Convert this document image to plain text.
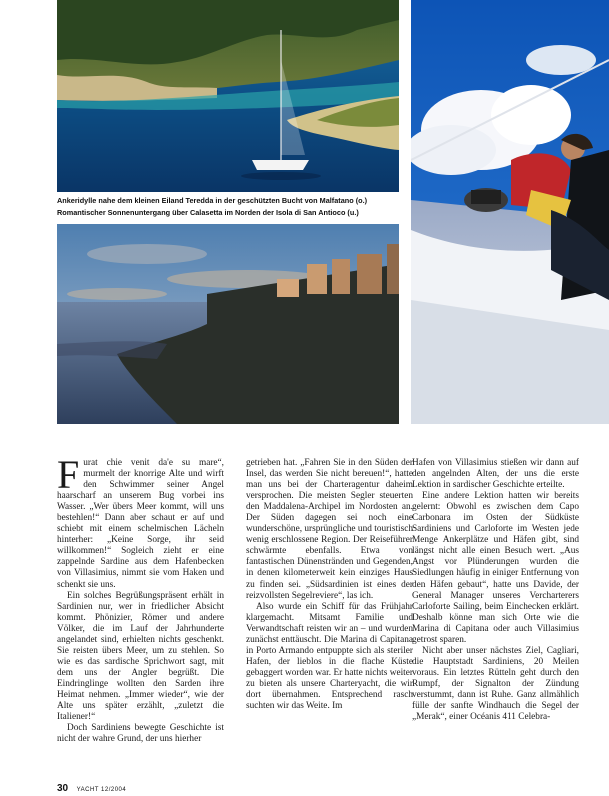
Ankeridylle nahe dem kleinen Eiland Teredda in der geschützten Bucht von Malfatano (o.)
Romantischer Sonnenuntergang über Calasetta im Norden der Isola di San Antioco (u.)

Furat chie venit da'e su mare“, murmelt der knorrige Alte und wirft den Schwimmer seiner Angel haarscharf an unserem Bug vorbei ins Wasser. „Wer übers Meer kommt, will uns bestehlen!“ Dann aber schaut er auf und schiebt mit einem schelmischen Lächeln hinterher: „Keine Sorge, ihr seid willkommen!“ Sogleich zieht er eine zappelnde Sardine aus dem Hafenbecken von Villasimius, nimmt sie vom Haken und schenkt sie uns.

Ein solches Begrüßungspräsent erhält in Sardinien nur, wer in friedlicher Absicht kommt. Phönizier, Römer und andere Völker, die im Lauf der Jahrhunderte angelandet sind, erhielten nichts geschenkt. Sie reisten übers Meer, um zu stehlen. So wie es das sardische Sprichwort sagt, mit dem uns der Angler begrüßt. Die Eindringlinge wollten den Sarden ihre Heimat nehmen. „Immer wieder“, wie der Alte uns später erzählt, „zuletzt die Italiener!“

Doch Sardiniens bewegte Geschichte ist nicht der wahre Grund, der uns hierher

getrieben hat. „Fahren Sie in den Süden der Insel, das werden Sie nicht bereuen!“, hatte man uns bei der Charteragentur daheim versprochen. Die meisten Segler steuerten den Maddalena-Archipel im Nordosten an. Der Süden dagegen sei noch eine wunderschöne, ursprüngliche und touristisch wenig erschlossene Region. Der Reiseführer schwärmte ebenfalls. Etwa von fantastischen Dünenstränden und Gegenden, in denen kilometerweit kein einziges Haus zu finden sei. „Südsardinien ist eines der reizvollsten Segelreviere“, las ich.

Also wurde ein Schiff für das Frühjahr klargemacht. Mitsamt Familie und Verwandtschaft reisten wir an – und wurden zunächst enttäuscht. Die Marina di Capitana in Porto Armando entpuppte sich als steriler Hafen, der lieblos in die flache Küste gebaggert worden war. Er hatte nichts weiter zu bieten als unsere Charteryacht, die wir dort übernahmen. Entsprechend rasch suchten wir das Weite. Im

Hafen von Villasimius stießen wir dann auf den angelnden Alten, der uns die erste Lektion in sardischer Geschichte erteilte.

Eine andere Lektion hatten wir bereits gelernt: Obwohl es zwischen dem Capo Carbonara im Osten der Südküste Sardiniens und Carloforte im Westen jede Menge Ankerplätze und Häfen gibt, sind längst nicht alle einen Besuch wert. „Aus Angst vor Plünderungen wurden die Siedlungen häufig in einiger Entfernung von den Häfen gebaut“, hatte uns Davide, der General Manager unseres Vercharterers Carloforte Sailing, beim Einchecken erklärt. Deshalb könne man sich Orte wie die Marina di Capitana oder auch Villasimius getrost sparen.

Nicht aber unser nächstes Ziel, Cagliari, die Hauptstadt Sardiniens, 20 Meilen voraus. Ein letztes Rütteln geht durch den Rumpf, der Signalton der Zündung verstummt, dann ist Ruhe. Ganz allmählich fülle der sanfte Windhauch die Segel der „Merak“, einer Océanis 411 Celebra-

30 YACHT 12/2004
